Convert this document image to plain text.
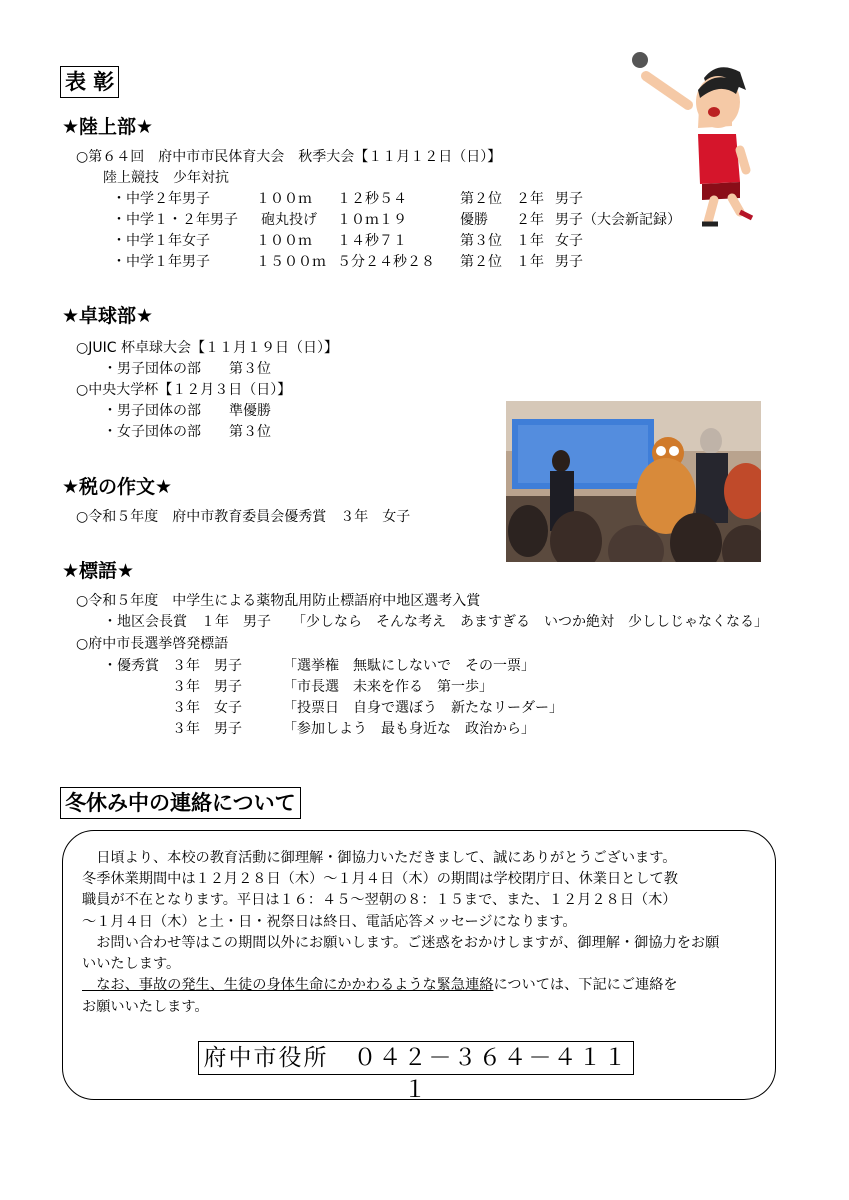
表 彰
★陸上部★
○第６４回　府中市市民体育大会　秋季大会【１１月１２日（日）】
陸上競技　少年対抗
・中学２年男子	１００ｍ １２秒５４	第２位 ２年 男子
・中学１・２年男子 砲丸投げ １０ｍ１９	優勝 ２年 男子（大会新記録）
・中学１年女子	１００ｍ １４秒７１	第３位 １年 女子
・中学１年男子	１５００ｍ ５分２４秒２８ 第２位 １年 男子
★卓球部★
○JUIC 杯卓球大会【１１月１９日（日）】
・男子団体の部　　第３位
○中央大学杯【１２月３日（日）】
・男子団体の部　　準優勝
・女子団体の部　　第３位
★税の作文★
○令和５年度　府中市教育委員会優秀賞　３年　女子
★標語★
○令和５年度　中学生による薬物乱用防止標語府中地区選考入賞
・地区会長賞　１年　男子 「少しなら　そんな考え　あますぎる　いつか絶対　少ししじゃなくなる」
○府中市長選挙啓発標語
・優秀賞 ３年　男子	「選挙権　無駄にしないで　その一票」
３年　男子	「市長選　未来を作る　第一歩」
３年　女子	「投票日　自身で選ぼう　新たなリーダー」
３年　男子	「参加しよう　最も身近な　政治から」
冬休み中の連絡について
　日頃より、本校の教育活動に御理解・御協力いただきまして、誠にありがとうございます。
冬季休業期間中は１２月２８日（木）～１月４日（木）の期間は学校閉庁日、休業日として教
職員が不在となります。平日は１６：４５～翌朝の８：１５まで、また、１２月２８日（木）
～１月４日（木）と土・日・祝祭日は終日、電話応答メッセージになります。
　お問い合わせ等はこの期間以外にお願いします。ご迷惑をおかけしますが、御理解・御協力をお願
いいたします。
　なお、事故の発生、生徒の身体生命にかかわるような緊急連絡については、下記にご連絡を
お願いいたします。
府中市役所　０４２－３６４－４１１１
